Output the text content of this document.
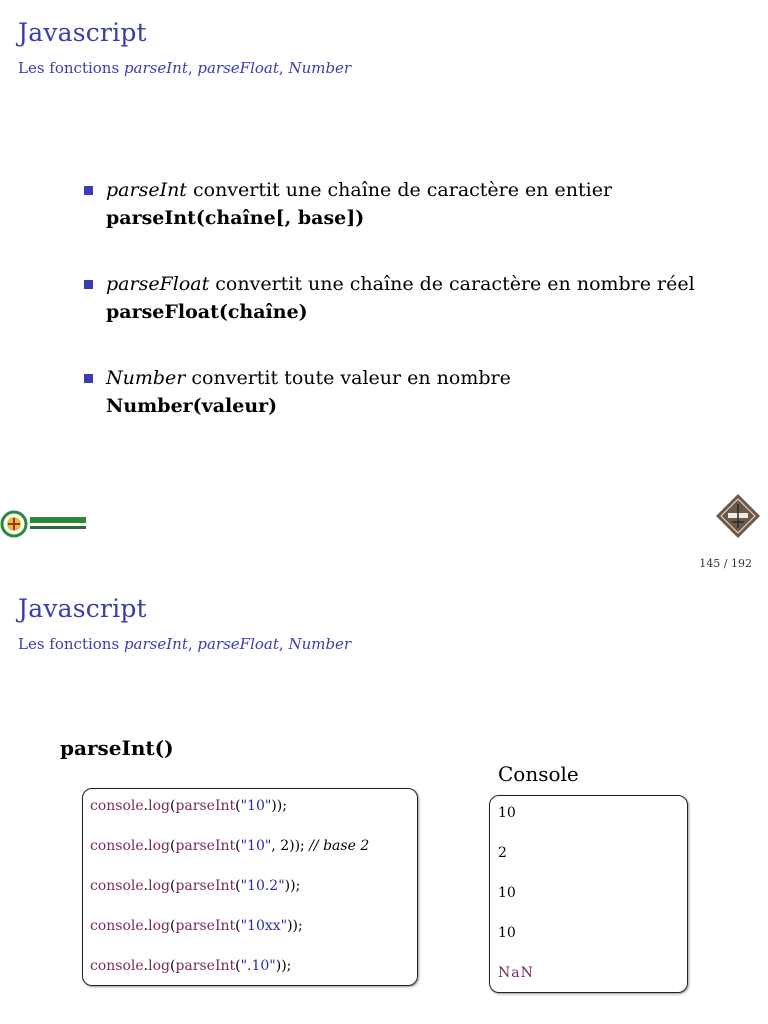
Javascript
Les fonctions parseInt, parseFloat, Number
parseInt convertit une chaîne de caractère en entier
parseInt(chaîne[, base])
parseFloat convertit une chaîne de caractère en nombre réel
parseFloat(chaîne)
Number convertit toute valeur en nombre
Number(valeur)
145 / 192
Javascript
Les fonctions parseInt, parseFloat, Number
parseInt()
Console
console.log(parseInt("10"));
console.log(parseInt("10", 2)); // base 2
console.log(parseInt("10.2"));
console.log(parseInt("10xx"));
console.log(parseInt(".10"));
10
2
10
10
NaN
